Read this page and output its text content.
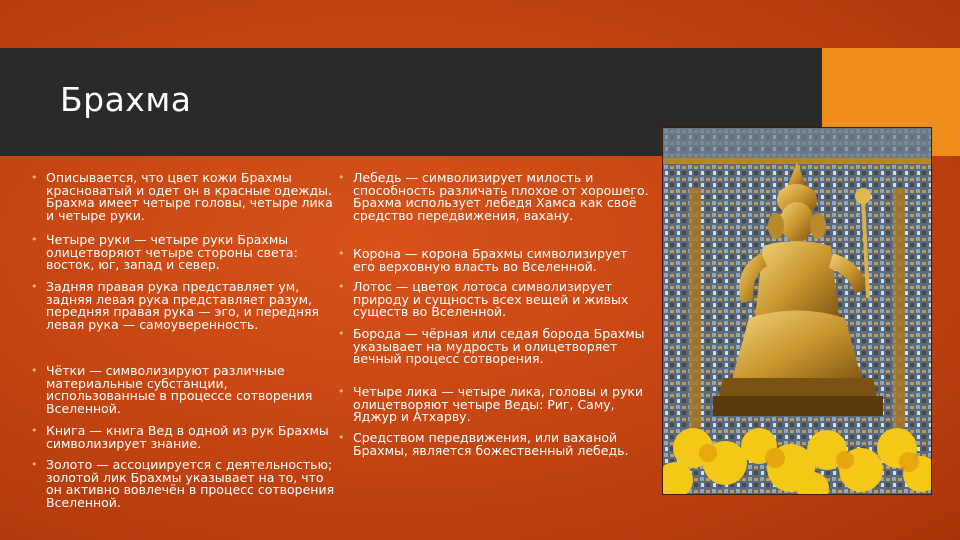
Брахма
• Описывается, что цвет кожи Брахмы красноватый и одет он в красные одежды. Брахма имеет четыре головы, четыре лика и четыре руки.
• Четыре руки — четыре руки Брахмы олицетворяют четыре стороны света: восток, юг, запад и север.
• Задняя правая рука представляет ум, задняя левая рука представляет разум, передняя правая рука — эго, и передняя левая рука — самоуверенность.
• Чётки — символизируют различные материальные субстанции, использованные в процессе сотворения Вселенной.
• Книга — книга Вед в одной из рук Брахмы символизирует знание.
• Золото — ассоциируется с деятельностью; золотой лик Брахмы указывает на то, что он активно вовлечён в процесс сотворения Вселенной.
• Лебедь — символизирует милость и способность различать плохое от хорошего. Брахма использует лебедя Хамса как своё средство передвижения, вахану.
• Корона — корона Брахмы символизирует его верховную власть во Вселенной.
• Лотос — цветок лотоса символизирует природу и сущность всех вещей и живых существ во Вселенной.
• Борода — чёрная или седая борода Брахмы указывает на мудрость и олицетворяет вечный процесс сотворения.
• Четыре лика — четыре лика, головы и руки олицетворяют четыре Веды: Риг, Саму, Яджур и Атхарву.
• Средством передвижения, или ваханой Брахмы, является божественный лебедь.
